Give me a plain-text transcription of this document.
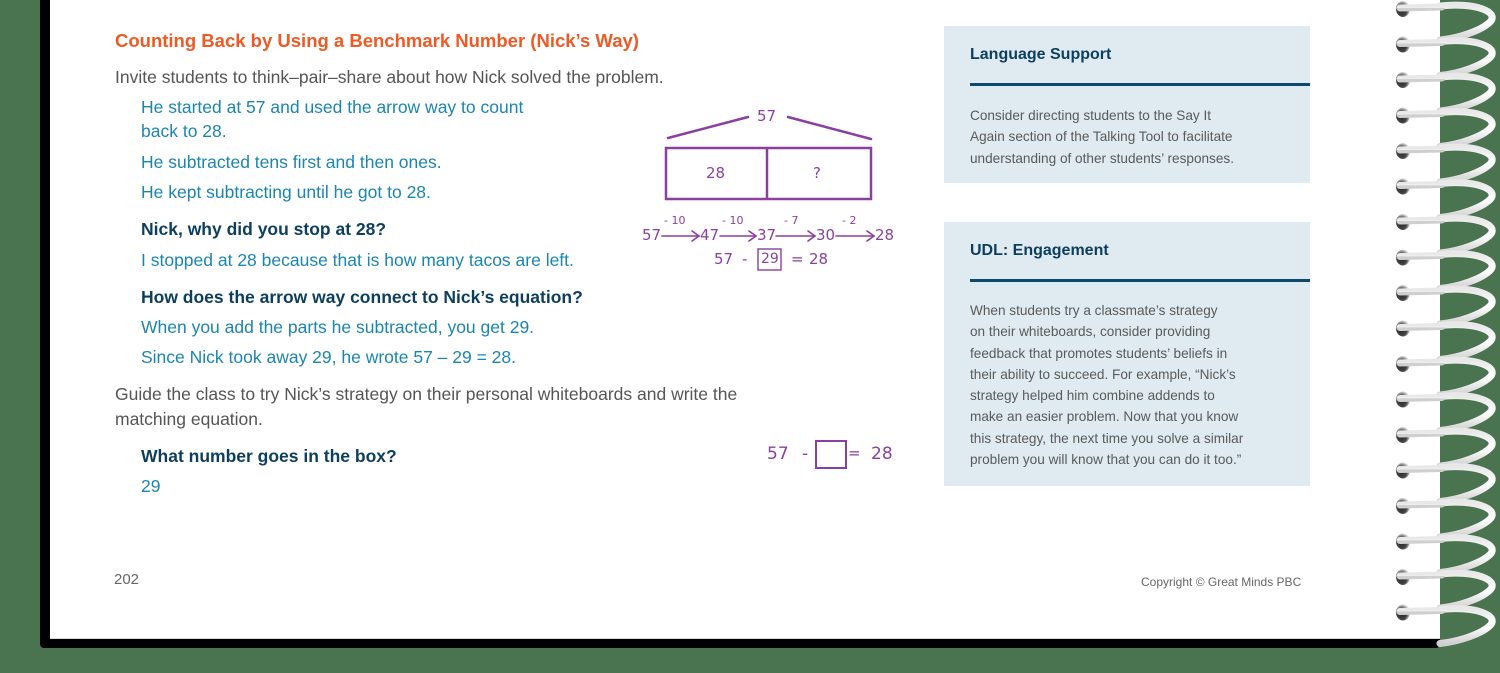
Counting Back by Using a Benchmark Number (Nick’s Way)
Invite students to think–pair–share about how Nick solved the problem.
He started at 57 and used the arrow way to count
back to 28.
He subtracted tens first and then ones.
He kept subtracting until he got to 28.
Nick, why did you stop at 28?
I stopped at 28 because that is how many tacos are left.
How does the arrow way connect to Nick’s equation?
When you add the parts he subtracted, you get 29.
Since Nick took away 29, he wrote 57 – 29 = 28.
Guide the class to try Nick’s strategy on their personal whiteboards and write the
matching equation.
What number goes in the box?
29
57
28	?
57	47	37	30	28
- 10	- 10	- 7	- 2
57 - 29 = 28
57 -	= 28
Language Support
Consider directing students to the Say It
Again section of the Talking Tool to facilitate
understanding of other students’ responses.
UDL: Engagement
When students try a classmate’s strategy
on their whiteboards, consider providing
feedback that promotes students’ beliefs in
their ability to succeed. For example, “Nick’s
strategy helped him combine addends to
make an easier problem. Now that you know
this strategy, the next time you solve a similar
problem you will know that you can do it too.”
202	Copyright © Great Minds PBC
